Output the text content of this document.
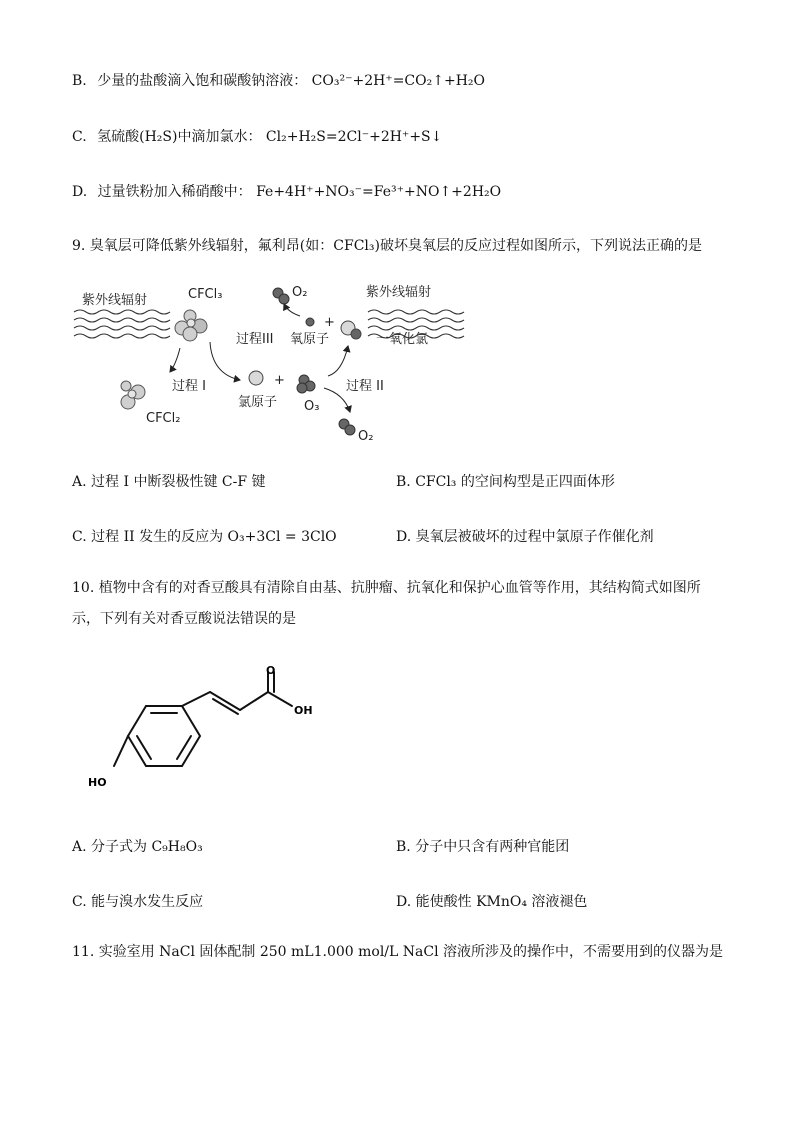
B. 少量的盐酸滴入饱和碳酸钠溶液： CO₃²⁻+2H⁺=CO₂↑+H₂O
C. 氢硫酸(H₂S)中滴加氯水： Cl₂+H₂S=2Cl⁻+2H⁺+S↓
D. 过量铁粉加入稀硝酸中： Fe+4H⁺+NO₃⁻=Fe³⁺+NO↑+2H₂O
9. 臭氧层可降低紫外线辐射，氟利昂(如：CFCl₃)破坏臭氧层的反应过程如图所示，下列说法正确的是
紫外线辐射	CFCl₃	O₂	紫外线辐射
+
氧原子	一氧化氯
过程III
CFCl₂
过程 I	+
氯原子 O₃
过程 II
O₂
A. 过程 I 中断裂极性键 C-F 键	B. CFCl₃ 的空间构型是正四面体形
C. 过程 II 发生的反应为 O₃+3Cl = 3ClO	D. 臭氧层被破坏的过程中氯原子作催化剂
10. 植物中含有的对香豆酸具有清除自由基、抗肿瘤、抗氧化和保护心血管等作用，其结构简式如图所
示，下列有关对香豆酸说法错误的是
O
OH
HO
A. 分子式为 C₉H₈O₃	B. 分子中只含有两种官能团
C. 能与溴水发生反应	D. 能使酸性 KMnO₄ 溶液褪色
11. 实验室用 NaCl 固体配制 250 mL1.000 mol/L NaCl 溶液所涉及的操作中，不需要用到的仪器为是
